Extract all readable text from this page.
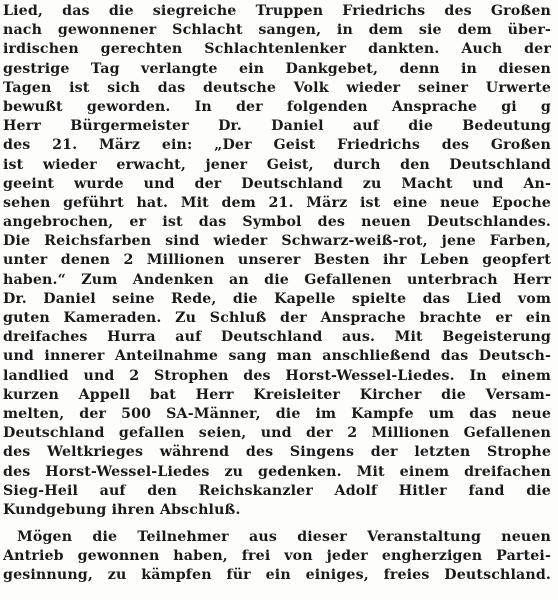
Lied, das die siegreiche Truppen Friedrichs des Großen
nach gewonnener Schlacht sangen, in dem sie dem über-
irdischen gerechten Schlachtenlenker dankten. Auch der
gestrige Tag verlangte ein Dankgebet, denn in diesen
Tagen ist sich das deutsche Volk wieder seiner Urwerte
bewußt geworden. In der folgenden Ansprache gi g
Herr Bürgermeister Dr. Daniel auf die Bedeutung
des 21. März ein: „Der Geist Friedrichs des Großen
ist wieder erwacht, jener Geist, durch den Deutschland
geeint wurde und der Deutschland zu Macht und An-
sehen geführt hat. Mit dem 21. März ist eine neue Epoche
angebrochen, er ist das Symbol des neuen Deutschlandes.
Die Reichsfarben sind wieder Schwarz-weiß-rot, jene Farben,
unter denen 2 Millionen unserer Besten ihr Leben geopfert
haben.“ Zum Andenken an die Gefallenen unterbrach Herr
Dr. Daniel seine Rede, die Kapelle spielte das Lied vom
guten Kameraden. Zu Schluß der Ansprache brachte er ein
dreifaches Hurra auf Deutschland aus. Mit Begeisterung
und innerer Anteilnahme sang man anschließend das Deutsch-
landlied und 2 Strophen des Horst-Wessel-Liedes. In einem
kurzen Appell bat Herr Kreisleiter Kircher die Versam-
melten, der 500 SA-Männer, die im Kampfe um das neue
Deutschland gefallen seien, und der 2 Millionen Gefallenen
des Weltkrieges während des Singens der letzten Strophe
des Horst-Wessel-Liedes zu gedenken. Mit einem dreifachen
Sieg-Heil auf den Reichskanzler Adolf Hitler fand die
Kundgebung ihren Abschluß.
Mögen die Teilnehmer aus dieser Veranstaltung neuen
Antrieb gewonnen haben, frei von jeder engherzigen Partei-
gesinnung, zu kämpfen für ein einiges, freies Deutschland.
